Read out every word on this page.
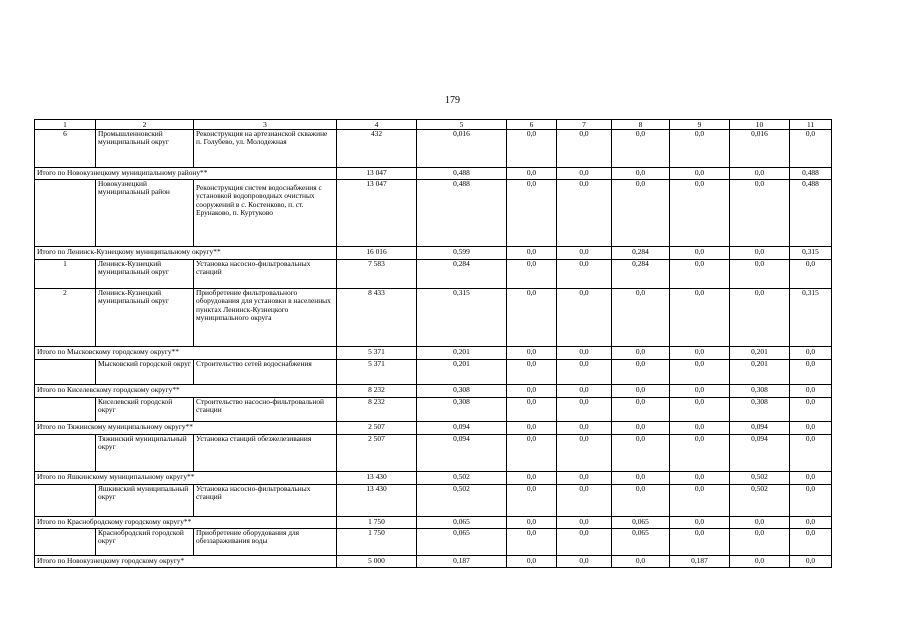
179
1	2	3	4	5	6	7	8	9	10	11
6	Промышленновский муниципальный округ	Реконструкция на артезианской скважине п. Голубево, ул. Молодежная	432	0,016	0,0	0,0	0,0	0,0	0,016	0,0
Итого по Новокузнецкому муниципальному району**			13 047	0,488	0,0	0,0	0,0	0,0	0,0	0,488
	Новокузнецкий муниципальный район	Реконструкция систем водоснабжения с установкой водопроводных очистных сооружений в с. Костенково, п. ст. Ерунаково, п. Куртуково	13 047	0,488	0,0	0,0	0,0	0,0	0,0	0,488
Итого по Ленинск-Кузнецкому муниципальному округу**			16 016	0,599	0,0	0,0	0,284	0,0	0,0	0,315
1	Ленинск-Кузнецкий муниципальный округ	Установка насосно-фильтровальных станций	7 583	0,284	0,0	0,0	0,284	0,0	0,0	0,0
2	Ленинск-Кузнецкий муниципальный округ	Приобретение фильтровального оборудования для установки в населенных пунктах Ленинск-Кузнецкого муниципального округа	8 433	0,315	0,0	0,0	0,0	0,0	0,0	0,315
Итого по Мысковскому городскому округу**			5 371	0,201	0,0	0,0	0,0	0,0	0,201	0,0
	Мысковский городской округ	Строительство сетей водоснабжения	5 371	0,201	0,0	0,0	0,0	0,0	0,201	0,0
Итого по Киселевскому городскому округу**			8 232	0,308	0,0	0,0	0,0	0,0	0,308	0,0
	Киселевский городской округ	Строительство насосно-фильтровальной станции	8 232	0,308	0,0	0,0	0,0	0,0	0,308	0,0
Итого по Тяжинскому муниципальному округу**			2 507	0,094	0,0	0,0	0,0	0,0	0,094	0,0
	Тяжинский муниципальный округ	Установка станций обезжелезивания	2 507	0,094	0,0	0,0	0,0	0,0	0,094	0,0
Итого по Яшкинскому муниципальному округу**			13 430	0,502	0,0	0,0	0,0	0,0	0,502	0,0
	Яшкинский муниципальный округ	Установка насосно-фильтровальных станций	13 430	0,502	0,0	0,0	0,0	0,0	0,502	0,0
Итого по Краснобродскому городскому округу**			1 750	0,065	0,0	0,0	0,065	0,0	0,0	0,0
	Краснобродский городской округ	Приобретение оборудования для обеззараживания воды	1 750	0,065	0,0	0,0	0,065	0,0	0,0	0,0
Итого по Новокузнецкому городскому округу*			5 000	0,187	0,0	0,0	0,0	0,187	0,0	0,0
